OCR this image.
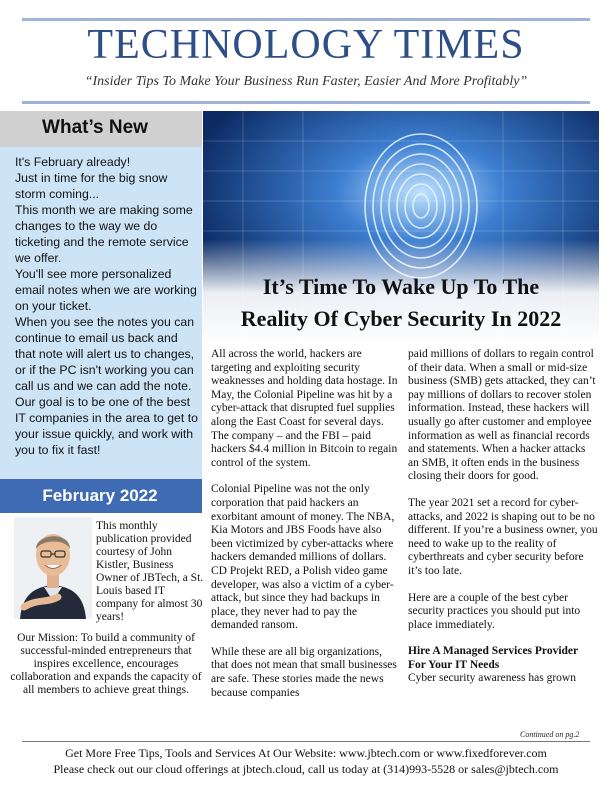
TECHNOLOGY TIMES
“Insider Tips To Make Your Business Run Faster, Easier And More Profitably”
What’s New

It's February already!

Just in time for the big snow storm coming...

This month we are making some changes to the way we do ticketing and the remote service we offer.

You'll see more personalized email notes when we are working on your ticket.

When you see the notes you can continue to email us back and that note will alert us to changes, or if the PC isn't working you can call us and we can add the note.

Our goal is to be one of the best IT companies in the area to get to your issue quickly, and work with you to fix it fast!

February 2022

This monthly publication provided courtesy of John Kistler, Business Owner of JBTech, a St. Louis based IT company for almost 30 years!

Our Mission: To build a community of successful-minded entrepreneurs that inspires excellence, encourages collaboration and expands the capacity of all members to achieve great things.

It’s Time To Wake Up To The
Reality Of Cyber Security In 2022

All across the world, hackers are targeting and exploiting security weaknesses and holding data hostage. In May, the Colonial Pipeline was hit by a cyber-attack that disrupted fuel supplies along the East Coast for several days. The company – and the FBI – paid hackers $4.4 million in Bitcoin to regain control of the system.

Colonial Pipeline was not the only corporation that paid hackers an exorbitant amount of money. The NBA, Kia Motors and JBS Foods have also been victimized by cyber-attacks where hackers demanded millions of dollars. CD Projekt RED, a Polish video game developer, was also a victim of a cyber-attack, but since they had backups in place, they never had to pay the demanded ransom.

While these are all big organizations, that does not mean that small businesses are safe. These stories made the news because companies

paid millions of dollars to regain control of their data. When a small or mid-size business (SMB) gets attacked, they can’t pay millions of dollars to recover stolen information. Instead, these hackers will usually go after customer and employee information as well as financial records and statements. When a hacker attacks an SMB, it often ends in the business closing their doors for good.

The year 2021 set a record for cyber-attacks, and 2022 is shaping out to be no different. If you’re a business owner, you need to wake up to the reality of cyberthreats and cyber security before it’s too late.

Here are a couple of the best cyber security practices you should put into place immediately.

Hire A Managed Services Provider For Your IT Needs

Cyber security awareness has grown

Continued on pg.2
Get More Free Tips, Tools and Services At Our Website: www.jbtech.com or www.fixedforever.com
Please check out our cloud offerings at jbtech.cloud, call us today at (314)993-5528 or sales@jbtech.com
